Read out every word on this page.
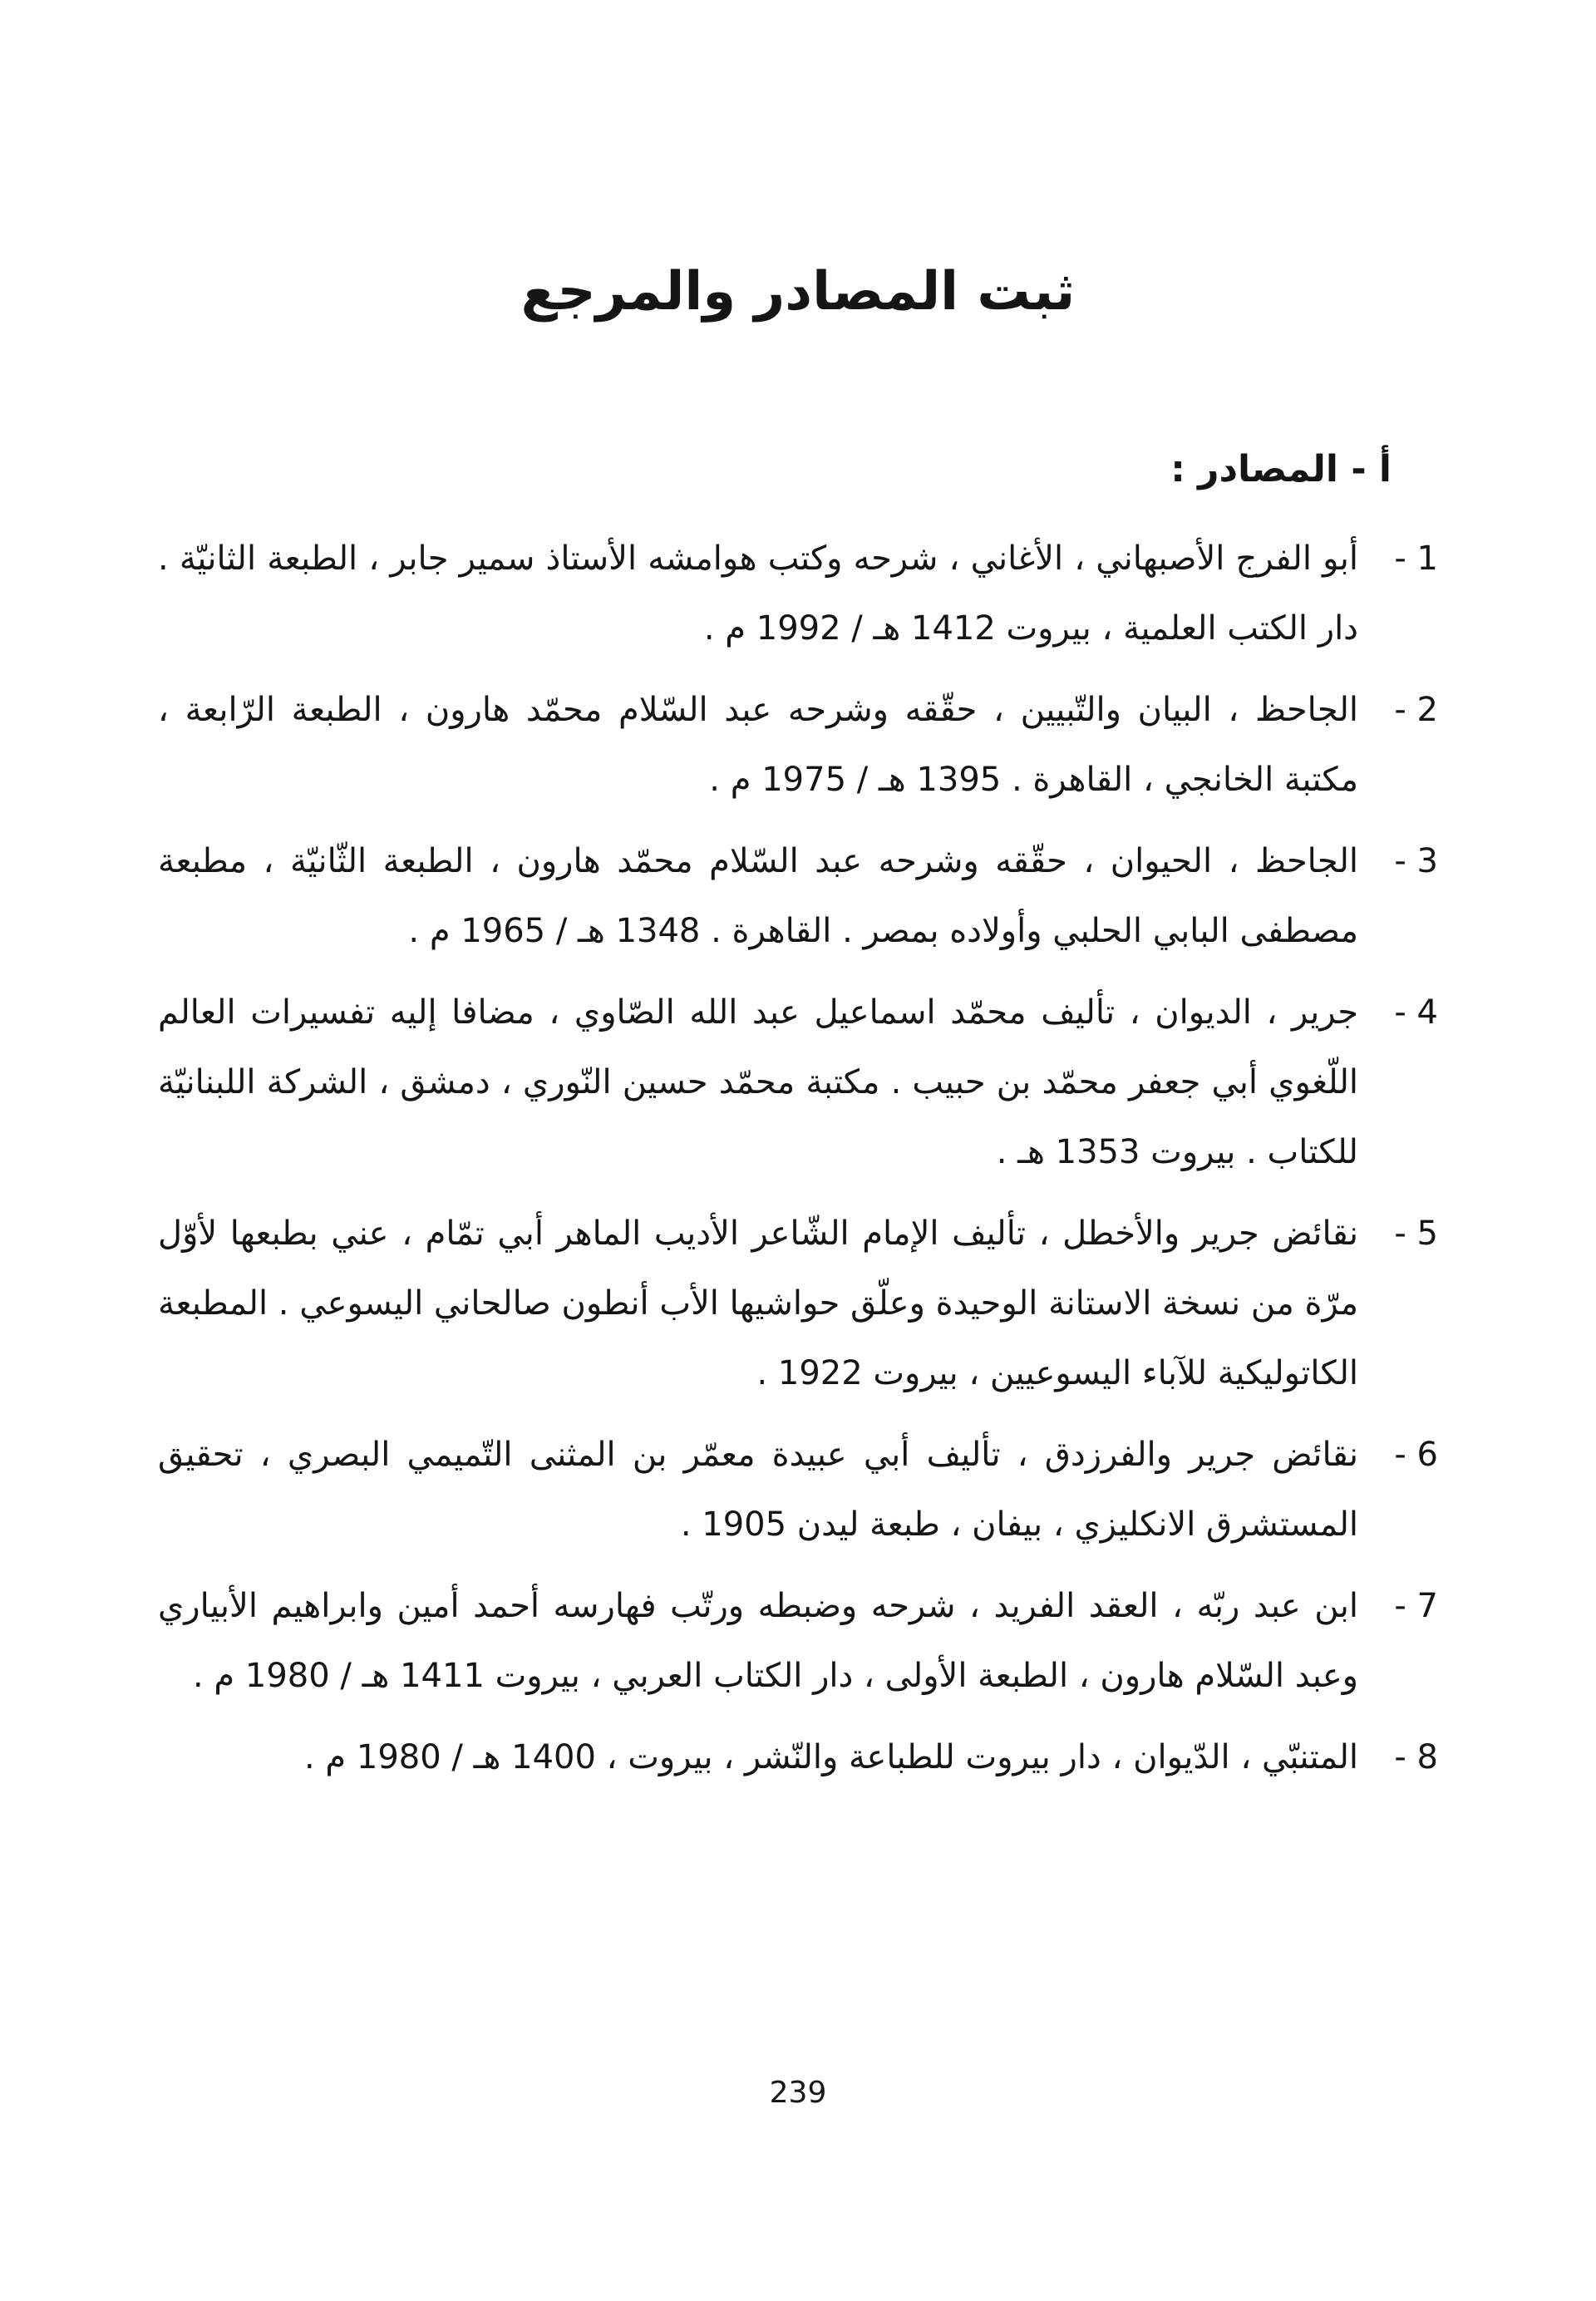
ثبت المصادر والمرجع
أ - المصادر :
1 -
أبو الفرج الأصبهاني ، الأغاني ، شرحه وكتب هوامشه الأستاذ سمير جابر ، الطبعة الثانيّة . دار الكتب العلمية ، بيروت 1412 هـ / 1992 م .
2 -
الجاحظ ، البيان والتّبيين ، حقّقه وشرحه عبد السّلام محمّد هارون ، الطبعة الرّابعة ، مكتبة الخانجي ، القاهرة . 1395 هـ / 1975 م .
3 -
الجاحظ ، الحيوان ، حقّقه وشرحه عبد السّلام محمّد هارون ، الطبعة الثّانيّة ، مطبعة مصطفى البابي الحلبي وأولاده بمصر . القاهرة . 1348 هـ / 1965 م .
4 -
جرير ، الديوان ، تأليف محمّد اسماعيل عبد الله الصّاوي ، مضافا إليه تفسيرات العالم اللّغوي أبي جعفر محمّد بن حبيب . مكتبة محمّد حسين النّوري ، دمشق ، الشركة اللبنانيّة للكتاب . بيروت 1353 هـ .
5 -
نقائض جرير والأخطل ، تأليف الإمام الشّاعر الأديب الماهر أبي تمّام ، عني بطبعها لأوّل مرّة من نسخة الاستانة الوحيدة وعلّق حواشيها الأب أنطون صالحاني اليسوعي . المطبعة الكاتوليكية للآباء اليسوعيين ، بيروت 1922 .
6 -
نقائض جرير والفرزدق ، تأليف أبي عبيدة معمّر بن المثنى التّميمي البصري ، تحقيق المستشرق الانكليزي ، بيفان ، طبعة ليدن 1905 .
7 -
ابن عبد ربّه ، العقد الفريد ، شرحه وضبطه ورتّب فهارسه أحمد أمين وابراهيم الأبياري وعبد السّلام هارون ، الطبعة الأولى ، دار الكتاب العربي ، بيروت 1411 هـ / 1980 م .
8 -
المتنبّي ، الدّيوان ، دار بيروت للطباعة والنّشر ، بيروت ، 1400 هـ / 1980 م .
239
